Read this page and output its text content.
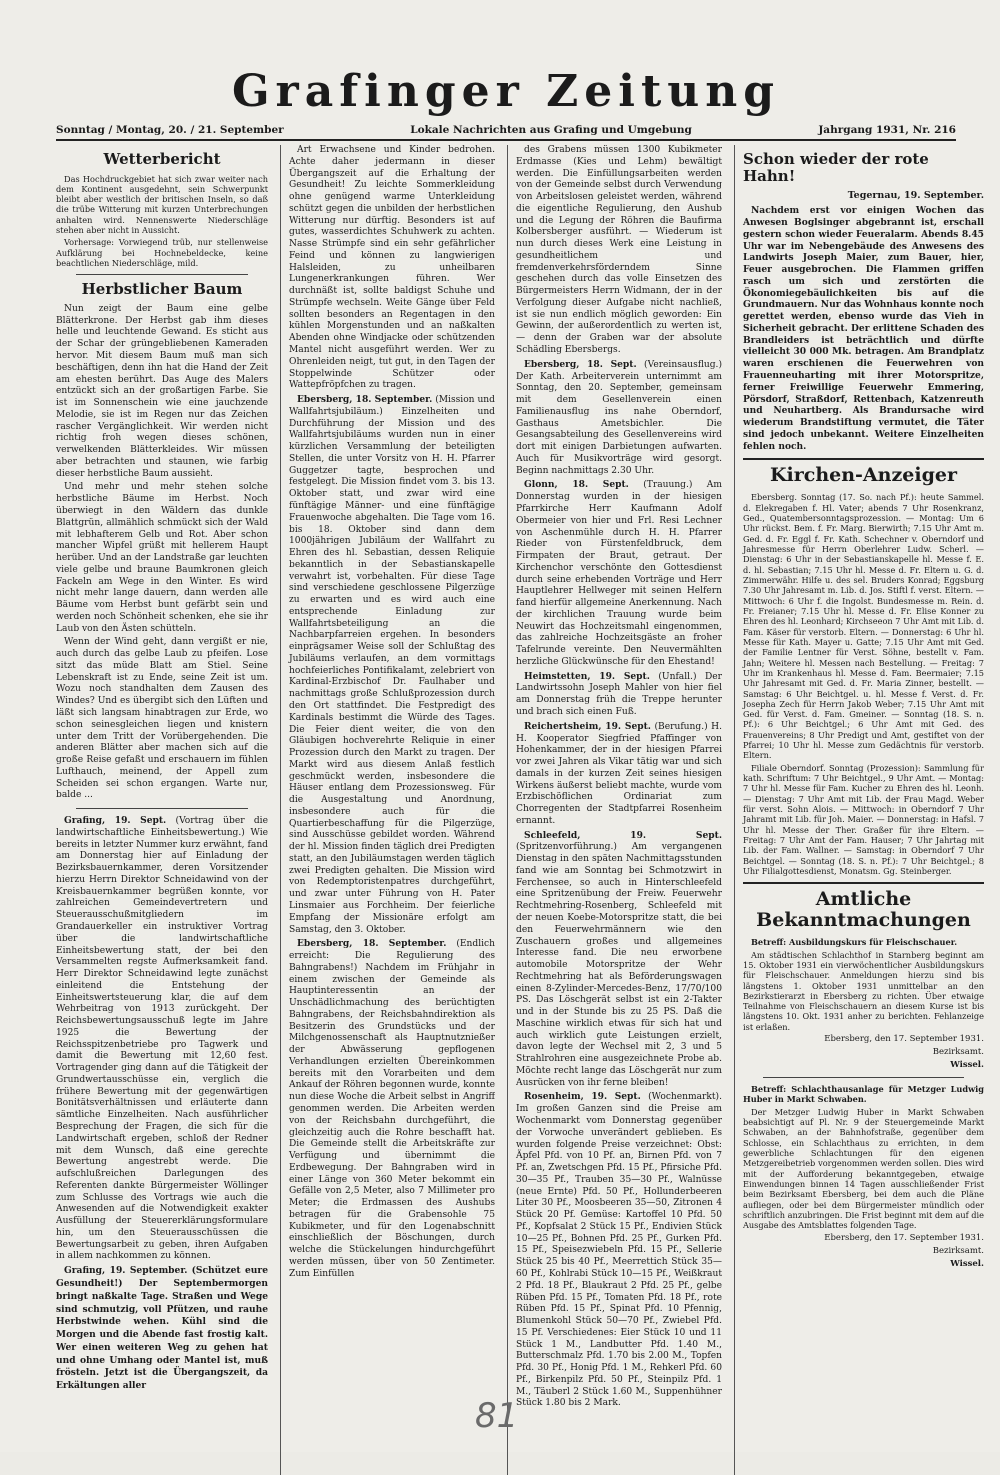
Grafinger Zeitung
Sonntag / Montag, 20. / 21. September	Lokale Nachrichten aus Grafing und Umgebung	Jahrgang 1931, Nr. 216
Wetterbericht

Das Hochdruckgebiet hat sich zwar weiter nach dem Kontinent ausgedehnt, sein Schwerpunkt bleibt aber westlich der britischen Inseln, so daß die trübe Witterung mit kurzen Unterbrechungen anhalten wird. Nennenswerte Niederschläge stehen aber nicht in Aussicht.

Vorhersage: Vorwiegend trüb, nur stellenweise Aufklärung bei Hochnebeldecke, keine beachtlichen Niederschläge, mild.

Herbstlicher Baum

Nun zeigt der Baum eine gelbe Blätterkrone. Der Herbst gab ihm dieses helle und leuchtende Gewand. Es sticht aus der Schar der grüngebliebenen Kameraden hervor. Mit diesem Baum muß man sich beschäftigen, denn ihn hat die Hand der Zeit am ehesten berührt. Das Auge des Malers entzückt sich an der großartigen Farbe. Sie ist im Sonnenschein wie eine jauchzende Melodie, sie ist im Regen nur das Zeichen rascher Vergänglichkeit. Wir werden nicht richtig froh wegen dieses schönen, verwelkenden Blätterkleides. Wir müssen aber betrachten und staunen, wie farbig dieser herbstliche Baum aussieht.

Und mehr und mehr stehen solche herbstliche Bäume im Herbst. Noch überwiegt in den Wäldern das dunkle Blattgrün, allmählich schmückt sich der Wald mit lebhafterem Gelb und Rot. Aber schon mancher Wipfel grüßt mit hellerem Haupt herüber. Und an der Landstraße gar leuchten viele gelbe und braune Baumkronen gleich Fackeln am Wege in den Winter. Es wird nicht mehr lange dauern, dann werden alle Bäume vom Herbst bunt gefärbt sein und werden noch Schönheit schenken, ehe sie ihr Laub von den Ästen schütteln.

Wenn der Wind geht, dann vergißt er nie, auch durch das gelbe Laub zu pfeifen. Lose sitzt das müde Blatt am Stiel. Seine Lebenskraft ist zu Ende, seine Zeit ist um. Wozu noch standhalten dem Zausen des Windes? Und es übergibt sich den Lüften und läßt sich langsam hinabtragen zur Erde, wo schon seinesgleichen liegen und knistern unter dem Tritt der Vorübergehenden. Die anderen Blätter aber machen sich auf die große Reise gefaßt und erschauern im fühlen Lufthauch, meinend, der Appell zum Scheiden sei schon ergangen. Warte nur, balde ...

Grafing, 19. Sept. (Vortrag über die landwirtschaftliche Einheitsbewertung.) Wie bereits in letzter Nummer kurz erwähnt, fand am Donnerstag hier auf Einladung der Bezirksbauernkammer, deren Vorsitzender hierzu Herrn Direktor Schneidawind von der Kreisbauernkammer begrüßen konnte, vor zahlreichen Gemeindevertretern und Steuerausschußmitgliedern im Grandauerkeller ein instruktiver Vortrag über die landwirtschaftliche Einheitsbewertung statt, der bei den Versammelten regste Aufmerksamkeit fand. Herr Direktor Schneidawind legte zunächst einleitend die Entstehung der Einheitswertsteuerung klar, die auf dem Wehrbeitrag von 1913 zurückgeht. Der Reichsbewertungsausschuß legte im Jahre 1925 die Bewertung der Reichsspitzenbetriebe pro Tagwerk und damit die Bewertung mit 12,60 fest. Vortragender ging dann auf die Tätigkeit der Grundwertausschüsse ein, verglich die frühere Bewertung mit der gegenwärtigen Bonitätsverhältnissen und erläuterte dann sämtliche Einzelheiten. Nach ausführlicher Besprechung der Fragen, die sich für die Landwirtschaft ergeben, schloß der Redner mit dem Wunsch, daß eine gerechte Bewertung angestrebt werde. Die aufschlußreichen Darlegungen des Referenten dankte Bürgermeister Wöllinger zum Schlusse des Vortrags wie auch die Anwesenden auf die Notwendigkeit exakter Ausfüllung der Steuererklärungsformulare hin, um den Steuerausschüssen die Bewertungsarbeit zu geben, ihren Aufgaben in allem nachkommen zu können.

Grafing, 19. September. (Schützet eure Gesundheit!) Der Septembermorgen bringt naßkalte Tage. Straßen und Wege sind schmutzig, voll Pfützen, und rauhe Herbstwinde wehen. Kühl sind die Morgen und die Abende fast frostig kalt. Wer einen weiteren Weg zu gehen hat und ohne Umhang oder Mantel ist, muß frösteln. Jetzt ist die Übergangszeit, da Erkältungen aller

Art Erwachsene und Kinder bedrohen. Achte daher jedermann in dieser Übergangszeit auf die Erhaltung der Gesundheit! Zu leichte Sommerkleidung ohne genügend warme Unterkleidung schützt gegen die unbilden der herbstlichen Witterung nur dürftig. Besonders ist auf gutes, wasserdichtes Schuhwerk zu achten. Nasse Strümpfe sind ein sehr gefährlicher Feind und können zu langwierigen Halsleiden, zu unheilbaren Lungenerkrankungen führen. Wer durchnäßt ist, sollte baldigst Schuhe und Strümpfe wechseln. Weite Gänge über Feld sollten besonders an Regentagen in den kühlen Morgenstunden und an naßkalten Abenden ohne Windjacke oder schützenden Mantel nicht ausgeführt werden. Wer zu Ohrenleiden neigt, tut gut, in den Tagen der Stoppelwinde Schützer oder Wattepfröpfchen zu tragen.

Ebersberg, 18. September. (Mission und Wallfahrtsjubiläum.) Einzelheiten und Durchführung der Mission und des Wallfahrtsjubiläums wurden nun in einer kürzlichen Versammlung der beteiligten Stellen, die unter Vorsitz von H. H. Pfarrer Guggetzer tagte, besprochen und festgelegt. Die Mission findet vom 3. bis 13. Oktober statt, und zwar wird eine fünftägige Männer- und eine fünftägige Frauenwoche abgehalten. Die Tage vom 16. bis 18. Oktober sind dann dem 1000jährigen Jubiläum der Wallfahrt zu Ehren des hl. Sebastian, dessen Reliquie bekanntlich in der Sebastianskapelle verwahrt ist, vorbehalten. Für diese Tage sind verschiedene geschlossene Pilgerzüge zu erwarten und es wird auch eine entsprechende Einladung zur Wallfahrtsbeteiligung an die Nachbarpfarreien ergehen. In besonders einprägsamer Weise soll der Schlußtag des Jubiläums verlaufen, an dem vormittags hochfeierliches Pontifikalamt, zelebriert von Kardinal-Erzbischof Dr. Faulhaber und nachmittags große Schlußprozession durch den Ort stattfindet. Die Festpredigt des Kardinals bestimmt die Würde des Tages. Die Feier dient weiter, die von den Gläubigen hochverehrte Reliquie in einer Prozession durch den Markt zu tragen. Der Markt wird aus diesem Anlaß festlich geschmückt werden, insbesondere die Häuser entlang dem Prozessionsweg. Für die Ausgestaltung und Anordnung, insbesondere auch für die Quartierbeschaffung für die Pilgerzüge, sind Ausschüsse gebildet worden. Während der hl. Mission finden täglich drei Predigten statt, an den Jubiläumstagen werden täglich zwei Predigten gehalten. Die Mission wird von Redemptoristenpatres durchgeführt, und zwar unter Führung von H. Pater Linsmaier aus Forchheim. Der feierliche Empfang der Missionäre erfolgt am Samstag, den 3. Oktober.

Ebersberg, 18. September. (Endlich erreicht: Die Regulierung des Bahngrabens!) Nachdem im Frühjahr in einem zwischen der Gemeinde als Hauptinteressentin an der Unschädlichmachung des berüchtigten Bahngrabens, der Reichsbahndirektion als Besitzerin des Grundstücks und der Milchgenossenschaft als Hauptnutznießer der Abwässerung gepflogenen Verhandlungen erzielten Übereinkommen bereits mit den Vorarbeiten und dem Ankauf der Röhren begonnen wurde, konnte nun diese Woche die Arbeit selbst in Angriff genommen werden. Die Arbeiten werden von der Reichsbahn durchgeführt, die gleichzeitig auch die Rohre beschafft hat. Die Gemeinde stellt die Arbeitskräfte zur Verfügung und übernimmt die Erdbewegung. Der Bahngraben wird in einer Länge von 360 Meter bekommt ein Gefälle von 2,5 Meter, also 7 Millimeter pro Meter; die Erdmassen des Aushubs betragen für die Grabensohle 75 Kubikmeter, und für den Logenabschnitt einschließlich der Böschungen, durch welche die Stückelungen hindurchgeführt werden müssen, über von 50 Zentimeter. Zum Einfüllen

des Grabens müssen 1300 Kubikmeter Erdmasse (Kies und Lehm) bewältigt werden. Die Einfüllungsarbeiten werden von der Gemeinde selbst durch Verwendung von Arbeitslosen geleistet werden, während die eigentliche Regulierung, den Aushub und die Legung der Röhren die Baufirma Kolbersberger ausführt. — Wiederum ist nun durch dieses Werk eine Leistung in gesundheitlichem und fremdenverkehrsförderndem Sinne geschehen durch das volle Einsetzen des Bürgermeisters Herrn Widmann, der in der Verfolgung dieser Aufgabe nicht nachließ, ist sie nun endlich möglich geworden: Ein Gewinn, der außerordentlich zu werten ist, — denn der Graben war der absolute Schädling Ebersbergs.

Ebersberg, 18. Sept. (Vereinsausflug.) Der Kath. Arbeiterverein unternimmt am Sonntag, den 20. September, gemeinsam mit dem Gesellenverein einen Familienausflug ins nahe Oberndorf, Gasthaus Ametsbichler. Die Gesangsabteilung des Gesellenvereins wird dort mit einigen Darbietungen aufwarten. Auch für Musikvorträge wird gesorgt. Beginn nachmittags 2.30 Uhr.

Glonn, 18. Sept. (Trauung.) Am Donnerstag wurden in der hiesigen Pfarrkirche Herr Kaufmann Adolf Obermeier von hier und Frl. Resi Lechner von Aschenmühle durch H. H. Pfarrer Rieder von Fürstenfeldbruck, dem Firmpaten der Braut, getraut. Der Kirchenchor verschönte den Gottesdienst durch seine erhebenden Vorträge und Herr Hauptlehrer Hellweger mit seinen Helfern fand hierfür allgemeine Anerkennung. Nach der kirchlichen Trauung wurde beim Neuwirt das Hochzeitsmahl eingenommen, das zahlreiche Hochzeitsgäste an froher Tafelrunde vereinte. Den Neuvermählten herzliche Glückwünsche für den Ehestand!

Heimstetten, 19. Sept. (Unfall.) Der Landwirtssohn Joseph Mahler von hier fiel am Donnerstag früh die Treppe herunter und brach sich einen Fuß.

Reichertsheim, 19. Sept. (Berufung.) H. H. Kooperator Siegfried Pfaffinger von Hohenkammer, der in der hiesigen Pfarrei vor zwei Jahren als Vikar tätig war und sich damals in der kurzen Zeit seines hiesigen Wirkens äußerst beliebt machte, wurde vom Erzbischöflichen Ordinariat zum Chorregenten der Stadtpfarrei Rosenheim ernannt.

Schleefeld, 19. Sept. (Spritzenvorführung.) Am vergangenen Dienstag in den späten Nachmittagsstunden fand wie am Sonntag bei Schmotzwirt in Ferchensee, so auch in Hinterschleefeld eine Spritzenübung der Freiw. Feuerwehr Rechtmehring-Rosenberg, Schleefeld mit der neuen Koebe-Motorspritze statt, die bei den Feuerwehrmännern wie den Zuschauern großes und allgemeines Interesse fand. Die neu erworbene automobile Motorspritze der Wehr Rechtmehring hat als Beförderungswagen einen 8-Zylinder-Mercedes-Benz, 17/70/100 PS. Das Löschgerät selbst ist ein 2-Takter und in der Stunde bis zu 25 PS. Daß die Maschine wirklich etwas für sich hat und auch wirklich gute Leistungen erzielt, davon legte der Wechsel mit 2, 3 und 5 Strahlrohren eine ausgezeichnete Probe ab. Möchte recht lange das Löschgerät nur zum Ausrücken von ihr ferne bleiben!

Rosenheim, 19. Sept. (Wochenmarkt). Im großen Ganzen sind die Preise am Wochenmarkt vom Donnerstag gegenüber der Vorwoche unverändert geblieben. Es wurden folgende Preise verzeichnet: Obst: Äpfel Pfd. von 10 Pf. an, Birnen Pfd. von 7 Pf. an, Zwetschgen Pfd. 15 Pf., Pfirsiche Pfd. 30—35 Pf., Trauben 35—30 Pf., Walnüsse (neue Ernte) Pfd. 50 Pf., Hollunderbeeren Liter 30 Pf., Moosbeeren 35—50, Zitronen 4 Stück 20 Pf. Gemüse: Kartoffel 10 Pfd. 50 Pf., Kopfsalat 2 Stück 15 Pf., Endivien Stück 10—25 Pf., Bohnen Pfd. 25 Pf., Gurken Pfd. 15 Pf., Speisezwiebeln Pfd. 15 Pf., Sellerie Stück 25 bis 40 Pf., Meerrettich Stück 35—60 Pf., Kohlrabi Stück 10—15 Pf., Weißkraut 2 Pfd. 18 Pf., Blaukraut 2 Pfd. 25 Pf., gelbe Rüben Pfd. 15 Pf., Tomaten Pfd. 18 Pf., rote Rüben Pfd. 15 Pf., Spinat Pfd. 10 Pfennig, Blumenkohl Stück 50—70 Pf., Zwiebel Pfd. 15 Pf. Verschiedenes: Eier Stück 10 und 11 Stück 1 M., Landbutter Pfd. 1.40 M., Butterschmalz Pfd. 1.70 bis 2.00 M., Topfen Pfd. 30 Pf., Honig Pfd. 1 M., Rehkerl Pfd. 60 Pf., Birkenpilz Pfd. 50 Pf., Steinpilz Pfd. 1 M., Täuberl 2 Stück 1.60 M., Suppenhühner Stück 1.80 bis 2 Mark.

Schon wieder der rote Hahn!
Tegernau, 19. September.

Nachdem erst vor einigen Wochen das Anwesen Boglsinger abgebrannt ist, erschall gestern schon wieder Feueralarm. Abends 8.45 Uhr war im Nebengebäude des Anwesens des Landwirts Joseph Maier, zum Bauer, hier, Feuer ausgebrochen. Die Flammen griffen rasch um sich und zerstörten die Ökonomiegebäulichkeiten bis auf die Grundmauern. Nur das Wohnhaus konnte noch gerettet werden, ebenso wurde das Vieh in Sicherheit gebracht. Der erlittene Schaden des Brandleiders ist beträchtlich und dürfte vielleicht 30 000 Mk. betragen. Am Brandplatz waren erschienen die Feuerwehren von Frauenneuharting mit ihrer Motorspritze, ferner Freiwillige Feuerwehr Emmering, Pörsdorf, Straßdorf, Rettenbach, Katzenreuth und Neuhartberg. Als Brandursache wird wiederum Brandstiftung vermutet, die Täter sind jedoch unbekannt. Weitere Einzelheiten fehlen noch.

Kirchen-Anzeiger

Ebersberg. Sonntag (17. So. nach Pf.): heute Sammel. d. Elekregaben f. Hl. Vater; abends 7 Uhr Rosenkranz, Ged., Quatembersonntagsprozession. — Montag: Um 6 Uhr rückst. Bem. f. Fr. Marg. Bierwirth; 7.15 Uhr Amt m. Ged. d. Fr. Eggl f. Fr. Kath. Schechner v. Oberndorf und Jahresmesse für Herrn Oberlehrer Ludw. Scherl. — Dienstag: 6 Uhr in der Sebastianskapelle hl. Messe f. E. d. hl. Sebastian; 7.15 Uhr hl. Messe d. Fr. Eltern u. G. d. Zimmerwähr. Hilfe u. des sel. Bruders Konrad; Eggsburg 7.30 Uhr Jahresamt m. Lib. d. Jos. Stiftl f. verst. Eltern. — Mittwoch: 6 Uhr f. die Ingolst. Bundesmesse m. Rein. d. Fr. Freianer; 7.15 Uhr hl. Messe d. Fr. Elise Konner zu Ehren des hl. Leonhard; Kirchseeon 7 Uhr Amt mit Lib. d. Fam. Käser für verstorb. Eltern. — Donnerstag: 6 Uhr hl. Messe für Kath. Mayer u. Gatte; 7.15 Uhr Amt mit Ged. der Familie Lentner für Verst. Söhne, bestellt v. Fam. Jahn; Weitere hl. Messen nach Bestellung. — Freitag: 7 Uhr im Krankenhaus hl. Messe d. Fam. Beermaier; 7.15 Uhr Jahresamt mit Ged. d. Fr. Maria Zinner, bestellt. — Samstag: 6 Uhr Beichtgel. u. hl. Messe f. Verst. d. Fr. Josepha Zech für Herrn Jakob Weber; 7.15 Uhr Amt mit Ged. für Verst. d. Fam. Gmeiner. — Sonntag (18. S. n. Pf.): 6 Uhr Beichtgel.; 6 Uhr Amt mit Ged. des Frauenvereins; 8 Uhr Predigt und Amt, gestiftet von der Pfarrei; 10 Uhr hl. Messe zum Gedächtnis für verstorb. Eltern.

Filiale Oberndorf. Sonntag (Prozession): Sammlung für kath. Schriftum: 7 Uhr Beichtgel., 9 Uhr Amt. — Montag: 7 Uhr hl. Messe für Fam. Kucher zu Ehren des hl. Leonh. — Dienstag: 7 Uhr Amt mit Lib. der Frau Magd. Weber für verst. Sohn Alois. — Mittwoch: in Oberndorf 7 Uhr Jahramt mit Lib. für Joh. Maier. — Donnerstag: in Hafsl. 7 Uhr hl. Messe der Ther. Graßer für ihre Eltern. — Freitag: 7 Uhr Amt der Fam. Hauser; 7 Uhr Jahrtag mit Lib. der Fam. Wallner. — Samstag: in Oberndorf 7 Uhr Beichtgel. — Sonntag (18. S. n. Pf.): 7 Uhr Beichtgel.; 8 Uhr Filialgottesdienst, Monatsm. Gg. Steinberger.

Amtliche Bekanntmachungen

Betreff: Ausbildungskurs für Fleischschauer.

Am städtischen Schlachthof in Starnberg beginnt am 15. Oktober 1931 ein vierwöchentlicher Ausbildungskurs für Fleischschauer. Anmeldungen hierzu sind bis längstens 1. Oktober 1931 unmittelbar an den Bezirkstierarzt in Ebersberg zu richten. Über etwaige Teilnahme von Fleischschauern an diesem Kurse ist bis längstens 10. Okt. 1931 anher zu berichten. Fehlanzeige ist erlaßen.

Ebersberg, den 17. September 1931.
Bezirksamt.
Wissel.

Betreff: Schlachthausanlage für Metzger Ludwig Huber in Markt Schwaben.

Der Metzger Ludwig Huber in Markt Schwaben beabsichtigt auf Pl. Nr. 9 der Steuergemeinde Markt Schwaben, an der Bahnhofstraße, gegenüber dem Schlosse, ein Schlachthaus zu errichten, in dem gewerbliche Schlachtungen für den eigenen Metzgereibetrieb vorgenommen werden sollen. Dies wird mit der Aufforderung bekanntgegeben, etwaige Einwendungen binnen 14 Tagen ausschließender Frist beim Bezirksamt Ebersberg, bei dem auch die Pläne aufliegen, oder bei dem Bürgermeister mündlich oder schriftlich anzubringen. Die Frist beginnt mit dem auf die Ausgabe des Amtsblattes folgenden Tage.

Ebersberg, den 17. September 1931.
Bezirksamt.
Wissel.
81
